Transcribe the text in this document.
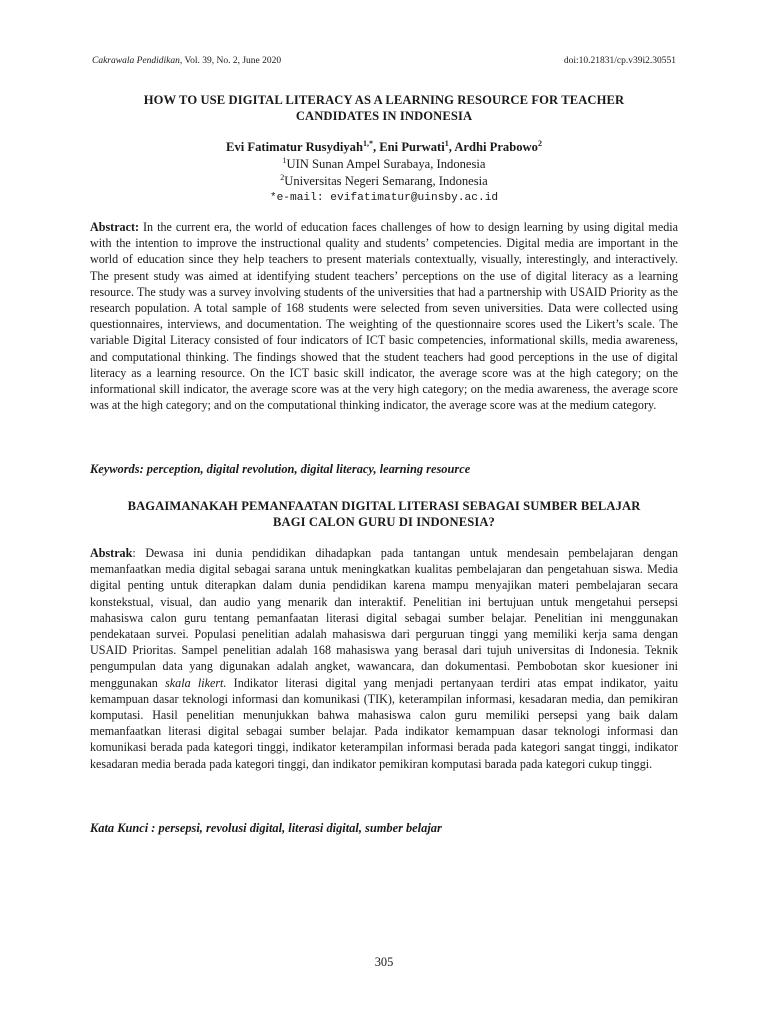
Cakrawala Pendidikan, Vol. 39, No. 2, June 2020	doi:10.21831/cp.v39i2.30551
HOW TO USE DIGITAL LITERACY AS A LEARNING RESOURCE FOR TEACHER
CANDIDATES IN INDONESIA
Evi Fatimatur Rusydiyah$^{1,*}$, Eni Purwati$^1$, Ardhi Prabowo$^2$
$^1$UIN Sunan Ampel Surabaya, Indonesia
$^2$Universitas Negeri Semarang, Indonesia
*e-mail: evifatimatur@uinsby.ac.id
Abstract: In the current era, the world of education faces challenges of how to design learning by using digital media with the intention to improve the instructional quality and students’ competencies. Digital media are important in the world of education since they help teachers to present materials contextually, visually, interestingly, and interactively. The present study was aimed at identifying student teachers’ perceptions on the use of digital literacy as a learning resource. The study was a survey involving students of the universities that had a partnership with USAID Priority as the research population. A total sample of 168 students were selected from seven universities. Data were collected using questionnaires, interviews, and documentation. The weighting of the questionnaire scores used the Likert’s scale. The variable Digital Literacy consisted of four indicators of ICT basic competencies, informational skills, media awareness, and computational thinking. The findings showed that the student teachers had good perceptions in the use of digital literacy as a learning resource. On the ICT basic skill indicator, the average score was at the high category; on the informational skill indicator, the average score was at the very high category; on the media awareness, the average score was at the high category; and on the computational thinking indicator, the average score was at the medium category.
Keywords: perception, digital revolution, digital literacy, learning resource
BAGAIMANAKAH PEMANFAATAN DIGITAL LITERASI SEBAGAI SUMBER BELAJAR
BAGI CALON GURU DI INDONESIA?
Abstrak: Dewasa ini dunia pendidikan dihadapkan pada tantangan untuk mendesain pembelajaran dengan memanfaatkan media digital sebagai sarana untuk meningkatkan kualitas pembelajaran dan pengetahuan siswa. Media digital penting untuk diterapkan dalam dunia pendidikan karena mampu menyajikan materi pembelajaran secara konstekstual, visual, dan audio yang menarik dan interaktif. Penelitian ini bertujuan untuk mengetahui persepsi mahasiswa calon guru tentang pemanfaatan literasi digital sebagai sumber belajar. Penelitian ini menggunakan pendekataan survei. Populasi penelitian adalah mahasiswa dari perguruan tinggi yang memiliki kerja sama dengan USAID Prioritas. Sampel penelitian adalah 168 mahasiswa yang berasal dari tujuh universitas di Indonesia. Teknik pengumpulan data yang digunakan adalah angket, wawancara, dan dokumentasi. Pembobotan skor kuesioner ini menggunakan skala likert. Indikator literasi digital yang menjadi pertanyaan terdiri atas empat indikator, yaitu kemampuan dasar teknologi informasi dan komunikasi (TIK), keterampilan informasi, kesadaran media, dan pemikiran komputasi. Hasil penelitian menunjukkan bahwa mahasiswa calon guru memiliki persepsi yang baik dalam memanfaatkan literasi digital sebagai sumber belajar. Pada indikator kemampuan dasar teknologi informasi dan komunikasi berada pada kategori tinggi, indikator keterampilan informasi berada pada kategori sangat tinggi, indikator kesadaran media berada pada kategori tinggi, dan indikator pemikiran komputasi barada pada kategori cukup tinggi.
Kata Kunci : persepsi, revolusi digital, literasi digital, sumber belajar
305
